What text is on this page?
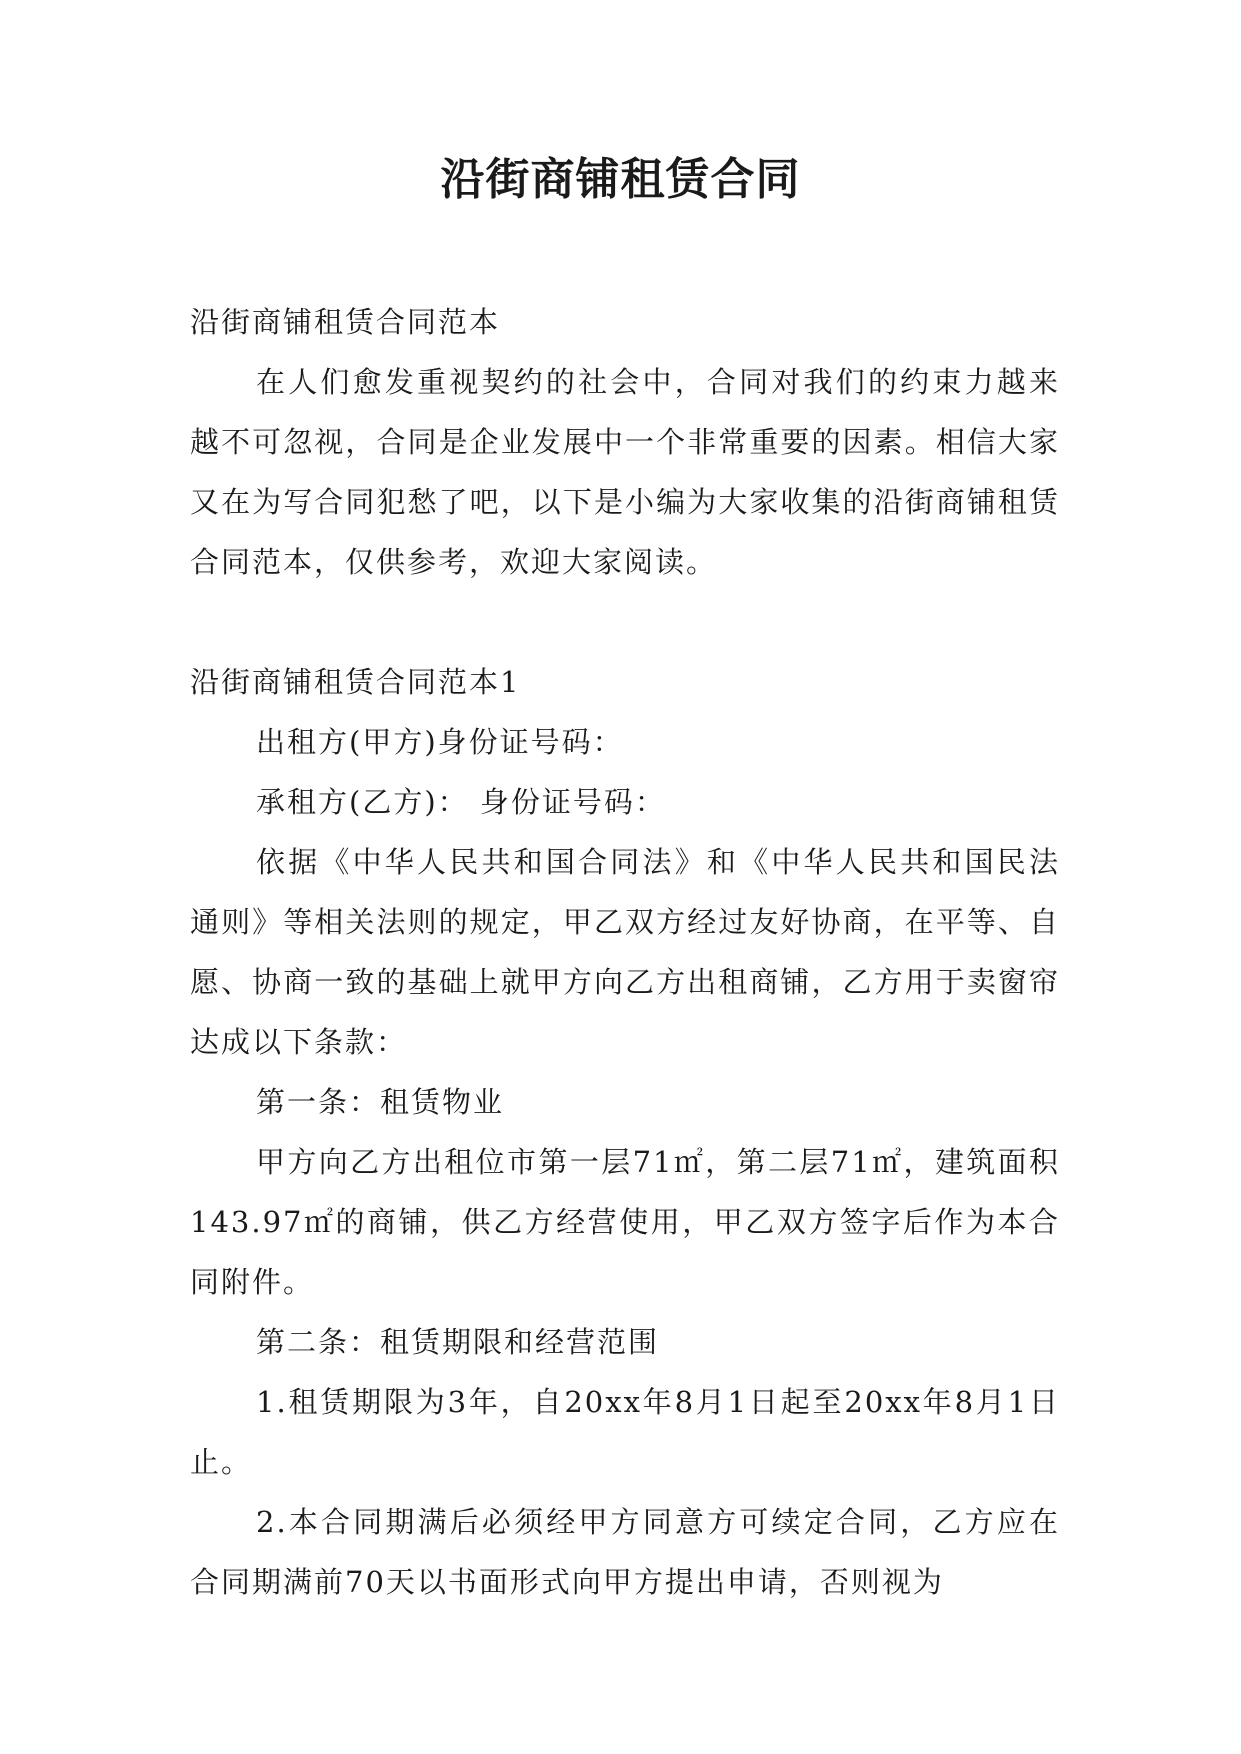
沿街商铺租赁合同

沿街商铺租赁合同范本

在人们愈发重视契约的社会中，合同对我们的约束力越来越不可忽视，合同是企业发展中一个非常重要的因素。相信大家又在为写合同犯愁了吧，以下是小编为大家收集的沿街商铺租赁合同范本，仅供参考，欢迎大家阅读。

沿街商铺租赁合同范本1

出租方(甲方)身份证号码：

承租方(乙方)： 身份证号码：

依据《中华人民共和国合同法》和《中华人民共和国民法通则》等相关法则的规定，甲乙双方经过友好协商，在平等、自愿、协商一致的基础上就甲方向乙方出租商铺，乙方用于卖窗帘达成以下条款：

第一条：租赁物业

甲方向乙方出租位市第一层71㎡，第二层71㎡，建筑面积143.97㎡的商铺，供乙方经营使用，甲乙双方签字后作为本合同附件。

第二条：租赁期限和经营范围

1.租赁期限为3年，自20xx年8月1日起至20xx年8月1日止。

2.本合同期满后必须经甲方同意方可续定合同，乙方应在合同期满前70天以书面形式向甲方提出申请，否则视为
